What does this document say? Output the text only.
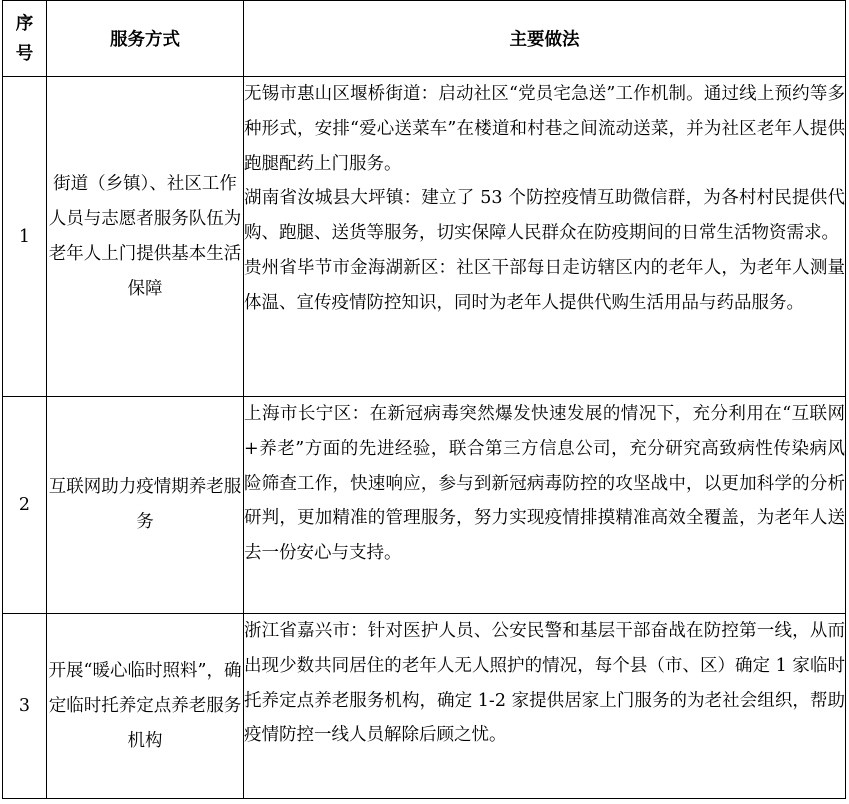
序
号	服务方式	主要做法
1	街道（乡镇）、社区工作人员与志愿者服务队伍为老年人上门提供基本生活保障	无锡市惠山区堰桥街道：启动社区“党员宅急送”工作机制。通过线上预约等多种形式，安排“爱心送菜车”在楼道和村巷之间流动送菜，并为社区老年人提供跑腿配药上门服务。

湖南省汝城县大坪镇：建立了 53 个防控疫情互助微信群，为各村村民提供代购、跑腿、送货等服务，切实保障人民群众在防疫期间的日常生活物资需求。

贵州省毕节市金海湖新区：社区干部每日走访辖区内的老年人，为老年人测量体温、宣传疫情防控知识，同时为老年人提供代购生活用品与药品服务。

2	互联网助力疫情期养老服务	上海市长宁区：在新冠病毒突然爆发快速发展的情况下，充分利用在“互联网+养老”方面的先进经验，联合第三方信息公司，充分研究高致病性传染病风险筛查工作，快速响应，参与到新冠病毒防控的攻坚战中，以更加科学的分析研判，更加精准的管理服务，努力实现疫情排摸精准高效全覆盖，为老年人送去一份安心与支持。

3	开展“暖心临时照料”，确定临时托养定点养老服务机构	浙江省嘉兴市：针对医护人员、公安民警和基层干部奋战在防控第一线，从而出现少数共同居住的老年人无人照护的情况，每个县（市、区）确定 1 家临时托养定点养老服务机构，确定 1-2 家提供居家上门服务的为老社会组织，帮助疫情防控一线人员解除后顾之忧。
